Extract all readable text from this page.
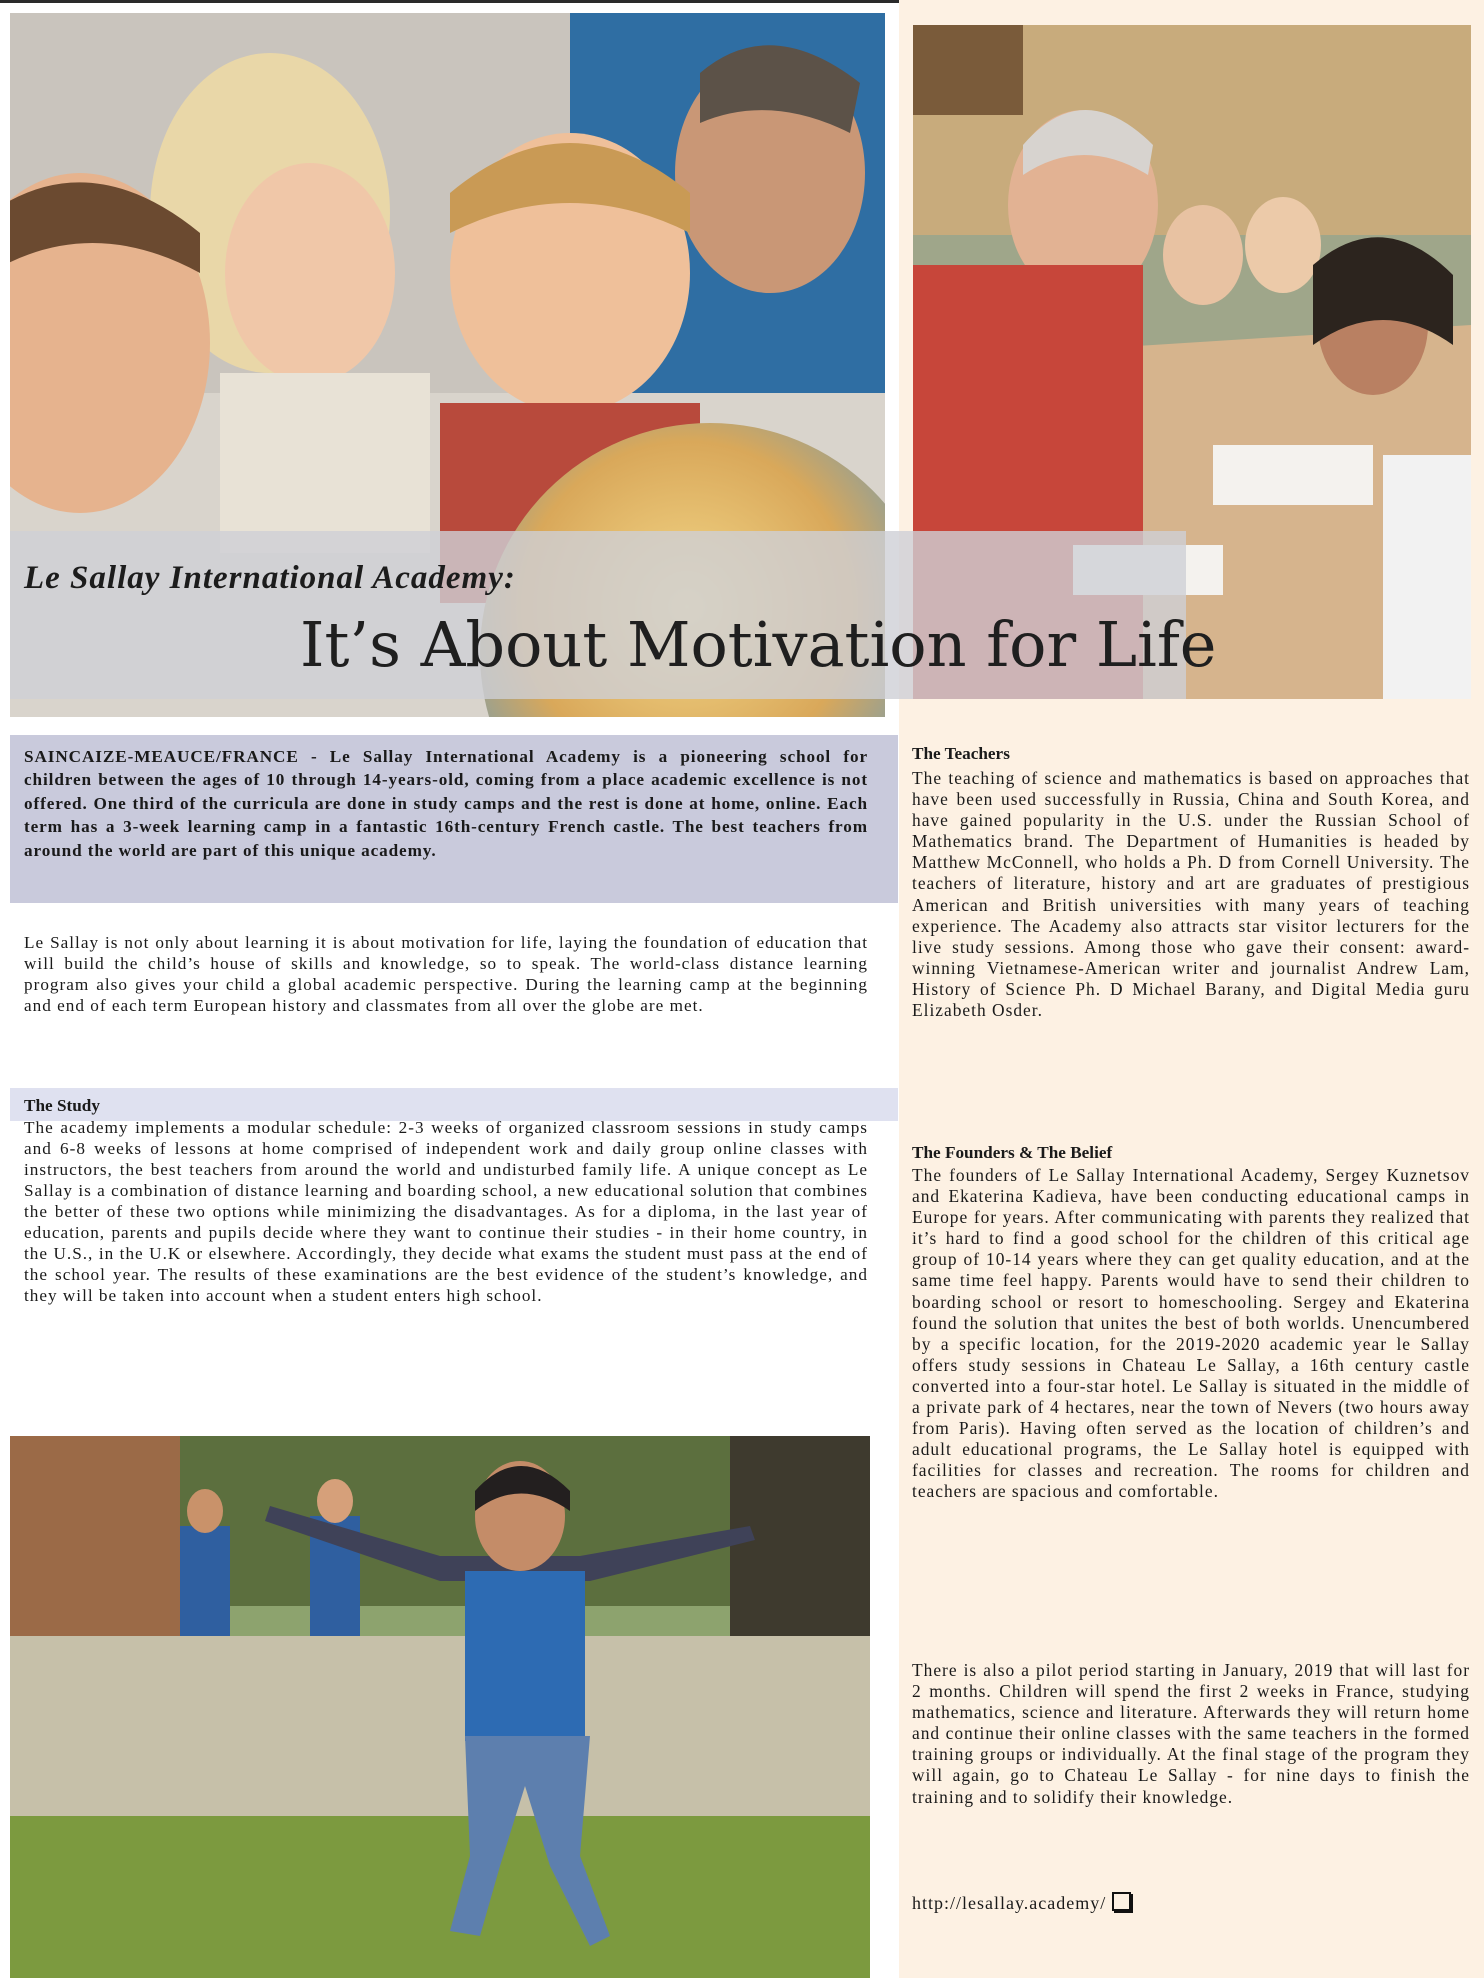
Le Sallay International Academy:
It’s About Motivation for Life
SAINCAIZE-MEAUCE/FRANCE - Le Sallay International Academy is a pioneering school for children between the ages of 10 through 14-years-old, coming from a place academic excellence is not offered. One third of the curricula are done in study camps and the rest is done at home, online. Each term has a 3-week learning camp in a fantastic 16th-century French castle. The best teachers from around the world are part of this unique academy.
Le Sallay is not only about learning it is about motivation for life, laying the foundation of education that will build the child’s house of skills and knowledge, so to speak. The world-class distance learning program also gives your child a global academic perspective. During the learning camp at the beginning and end of each term European history and classmates from all over the globe are met.
The Study
The academy implements a modular schedule: 2-3 weeks of organized classroom sessions in study camps and 6-8 weeks of lessons at home comprised of independent work and daily group online classes with instructors, the best teachers from around the world and undisturbed family life. A unique concept as Le Sallay is a combination of distance learning and boarding school, a new educational solution that combines the better of these two options while minimizing the disadvantages. As for a diploma, in the last year of education, parents and pupils decide where they want to continue their studies - in their home country, in the U.S., in the U.K or elsewhere. Accordingly, they decide what exams the student must pass at the end of the school year. The results of these examinations are the best evidence of the student’s knowledge, and they will be taken into account when a student enters high school.
The Teachers
The teaching of science and mathematics is based on approaches that have been used successfully in Russia, China and South Korea, and have gained popularity in the U.S. under the Russian School of Mathematics brand. The Department of Humanities is headed by Matthew McConnell, who holds a Ph. D from Cornell University. The teachers of literature, history and art are graduates of prestigious American and British universities with many years of teaching experience. The Academy also attracts star visitor lecturers for the live study sessions. Among those who gave their consent: award-winning Vietnamese-American writer and journalist Andrew Lam, History of Science Ph. D Michael Barany, and Digital Media guru Elizabeth Osder.
The Founders & The Belief
The founders of Le Sallay International Academy, Sergey Kuznetsov and Ekaterina Kadieva, have been conducting educational camps in Europe for years. After communicating with parents they realized that it’s hard to find a good school for the children of this critical age group of 10-14 years where they can get quality education, and at the same time feel happy. Parents would have to send their children to boarding school or resort to homeschooling. Sergey and Ekaterina found the solution that unites the best of both worlds. Unencumbered by a specific location, for the 2019-2020 academic year le Sallay offers study sessions in Chateau Le Sallay, a 16th century castle converted into a four-star hotel. Le Sallay is situated in the middle of a private park of 4 hectares, near the town of Nevers (two hours away from Paris). Having often served as the location of children’s and adult educational programs, the Le Sallay hotel is equipped with facilities for classes and recreation. The rooms for children and teachers are spacious and comfortable.
There is also a pilot period starting in January, 2019 that will last for 2 months. Children will spend the first 2 weeks in France, studying mathematics, science and literature. Afterwards they will return home and continue their online classes with the same teachers in the formed training groups or individually. At the final stage of the program they will again, go to Chateau Le Sallay - for nine days to finish the training and to solidify their knowledge.
http://lesallay.academy/
